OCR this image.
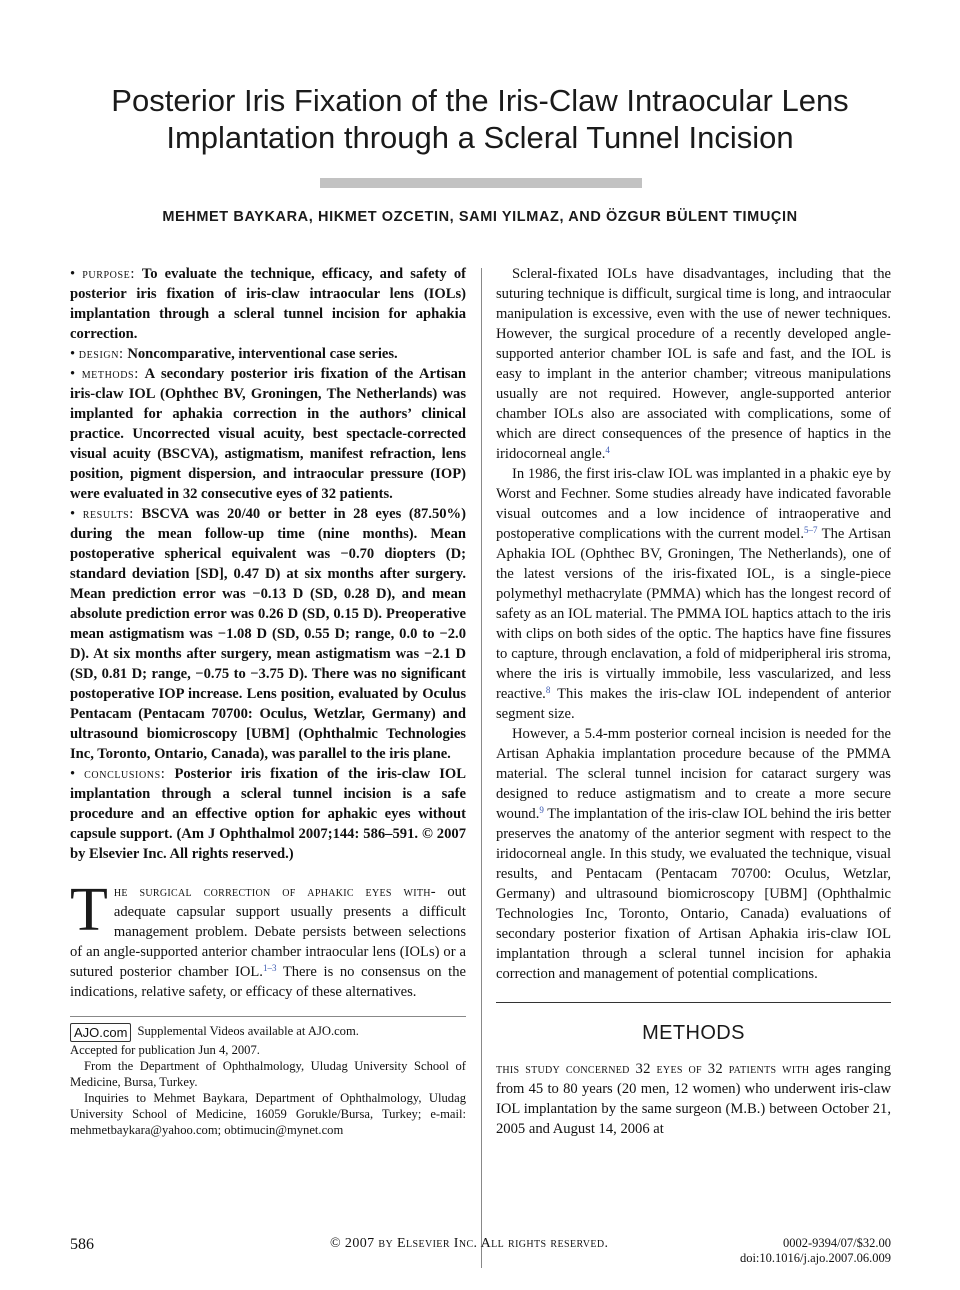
Posterior Iris Fixation of the Iris-Claw Intraocular Lens
Implantation through a Scleral Tunnel Incision
MEHMET BAYKARA, HIKMET OZCETIN, SAMI YILMAZ, AND ÖZGUR BÜLENT TIMUÇIN

• purpose: To evaluate the technique, efficacy, and safety of posterior iris fixation of iris-claw intraocular lens (IOLs) implantation through a scleral tunnel incision for aphakia correction.

• design: Noncomparative, interventional case series.

• methods: A secondary posterior iris fixation of the Artisan iris-claw IOL (Ophthec BV, Groningen, The Netherlands) was implanted for aphakia correction in the authors’ clinical practice. Uncorrected visual acuity, best spectacle-corrected visual acuity (BSCVA), astigmatism, manifest refraction, lens position, pigment dispersion, and intraocular pressure (IOP) were evaluated in 32 consecutive eyes of 32 patients.

• results: BSCVA was 20/40 or better in 28 eyes (87.50%) during the mean follow-up time (nine months). Mean postoperative spherical equivalent was −0.70 diopters (D; standard deviation [SD], 0.47 D) at six months after surgery. Mean prediction error was −0.13 D (SD, 0.28 D), and mean absolute prediction error was 0.26 D (SD, 0.15 D). Preoperative mean astigmatism was −1.08 D (SD, 0.55 D; range, 0.0 to −2.0 D). At six months after surgery, mean astigmatism was −2.1 D (SD, 0.81 D; range, −0.75 to −3.75 D). There was no significant postoperative IOP increase. Lens position, evaluated by Oculus Pentacam (Pentacam 70700: Oculus, Wetzlar, Germany) and ultrasound biomicroscopy [UBM] (Ophthalmic Technologies Inc, Toronto, Ontario, Canada), was parallel to the iris plane.

• conclusions: Posterior iris fixation of the iris-claw IOL implantation through a scleral tunnel incision is a safe procedure and an effective option for aphakic eyes without capsule support. (Am J Ophthalmol 2007;144: 586–591. © 2007 by Elsevier Inc. All rights reserved.)

The surgical correction of aphakic eyes with- out adequate capsular support usually presents a difficult management problem. Debate persists between selections of an angle-supported anterior chamber intraocular lens (IOLs) or a sutured posterior chamber IOL.$^{1-3}$ There is no consensus on the indications, relative safety, or efficacy of these alternatives.

AJO.com Supplemental Videos available at AJO.com.

Accepted for publication Jun 4, 2007.

From the Department of Ophthalmology, Uludag University School of Medicine, Bursa, Turkey.

Inquiries to Mehmet Baykara, Department of Ophthalmology, Uludag University School of Medicine, 16059 Gorukle/Bursa, Turkey; e-mail: mehmetbaykara@yahoo.com; obtimucin@mynet.com

Scleral-fixated IOLs have disadvantages, including that the suturing technique is difficult, surgical time is long, and intraocular manipulation is excessive, even with the use of newer techniques. However, the surgical procedure of a recently developed angle-supported anterior chamber IOL is safe and fast, and the IOL is easy to implant in the anterior chamber; vitreous manipulations usually are not required. However, angle-supported anterior chamber IOLs also are associated with complications, some of which are direct consequences of the presence of haptics in the iridocorneal angle.$^4$

In 1986, the first iris-claw IOL was implanted in a phakic eye by Worst and Fechner. Some studies already have indicated favorable visual outcomes and a low incidence of intraoperative and postoperative complications with the current model.$^{5-7}$ The Artisan Aphakia IOL (Ophthec BV, Groningen, The Netherlands), one of the latest versions of the iris-fixated IOL, is a single-piece polymethyl methacrylate (PMMA) which has the longest record of safety as an IOL material. The PMMA IOL haptics attach to the iris with clips on both sides of the optic. The haptics have fine fissures to capture, through enclavation, a fold of midperipheral iris stroma, where the iris is virtually immobile, less vascularized, and less reactive.$^8$ This makes the iris-claw IOL independent of anterior segment size.

However, a 5.4-mm posterior corneal incision is needed for the Artisan Aphakia implantation procedure because of the PMMA material. The scleral tunnel incision for cataract surgery was designed to reduce astigmatism and to create a more secure wound.$^9$ The implantation of the iris-claw IOL behind the iris better preserves the anatomy of the anterior segment with respect to the iridocorneal angle. In this study, we evaluated the technique, visual results, and Pentacam (Pentacam 70700: Oculus, Wetzlar, Germany) and ultrasound biomicroscopy [UBM] (Ophthalmic Technologies Inc, Toronto, Ontario, Canada) evaluations of secondary posterior fixation of Artisan Aphakia iris-claw IOL implantation through a scleral tunnel incision for aphakia correction and management of potential complications.

METHODS

this study concerned 32 eyes of 32 patients with ages ranging from 45 to 80 years (20 men, 12 women) who underwent iris-claw IOL implantation by the same surgeon (M.B.) between October 21, 2005 and August 14, 2006 at

586	© 2007 by Elsevier Inc. All rights reserved.	0002-9394/07/$32.00
doi:10.1016/j.ajo.2007.06.009
